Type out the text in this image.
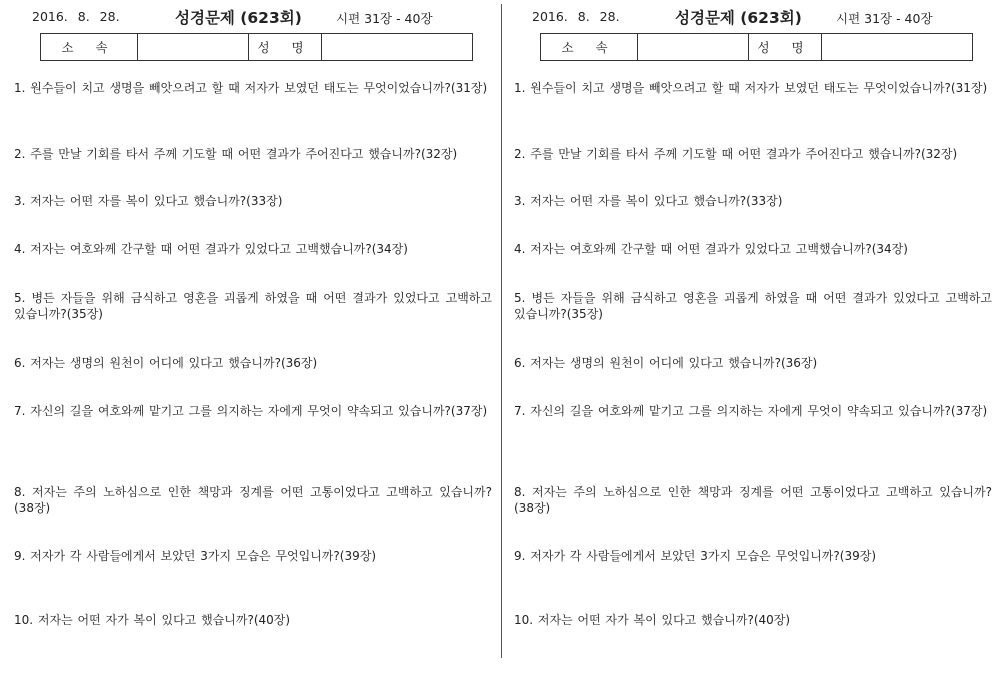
2016. 8. 28.	성경문제 (623회)	시편 31장 - 40장
소 속		성 명	
1. 원수들이 치고 생명을 빼앗으려고 할 때 저자가 보였던 태도는 무엇이었습니까?(31장)
2. 주를 만날 기회를 타서 주께 기도할 때 어떤 결과가 주어진다고 했습니까?(32장)
3. 저자는 어떤 자를 복이 있다고 했습니까?(33장)
4. 저자는 여호와께 간구할 때 어떤 결과가 있었다고 고백했습니까?(34장)
5. 병든 자들을 위해 금식하고 영혼을 괴롭게 하였을 때 어떤 결과가 있었다고 고백하고 있습니까?(35장)
6. 저자는 생명의 원천이 어디에 있다고 했습니까?(36장)
7. 자신의 길을 여호와께 맡기고 그를 의지하는 자에게 무엇이 약속되고 있습니까?(37장)
8. 저자는 주의 노하심으로 인한 책망과 징계를 어떤 고통이었다고 고백하고 있습니까?(38장)
9. 저자가 각 사람들에게서 보았던 3가지 모습은 무엇입니까?(39장)
10. 저자는 어떤 자가 복이 있다고 했습니까?(40장)
2016. 8. 28.	성경문제 (623회)	시편 31장 - 40장
소 속		성 명	
1. 원수들이 치고 생명을 빼앗으려고 할 때 저자가 보였던 태도는 무엇이었습니까?(31장)
2. 주를 만날 기회를 타서 주께 기도할 때 어떤 결과가 주어진다고 했습니까?(32장)
3. 저자는 어떤 자를 복이 있다고 했습니까?(33장)
4. 저자는 여호와께 간구할 때 어떤 결과가 있었다고 고백했습니까?(34장)
5. 병든 자들을 위해 금식하고 영혼을 괴롭게 하였을 때 어떤 결과가 있었다고 고백하고 있습니까?(35장)
6. 저자는 생명의 원천이 어디에 있다고 했습니까?(36장)
7. 자신의 길을 여호와께 맡기고 그를 의지하는 자에게 무엇이 약속되고 있습니까?(37장)
8. 저자는 주의 노하심으로 인한 책망과 징계를 어떤 고통이었다고 고백하고 있습니까?(38장)
9. 저자가 각 사람들에게서 보았던 3가지 모습은 무엇입니까?(39장)
10. 저자는 어떤 자가 복이 있다고 했습니까?(40장)
